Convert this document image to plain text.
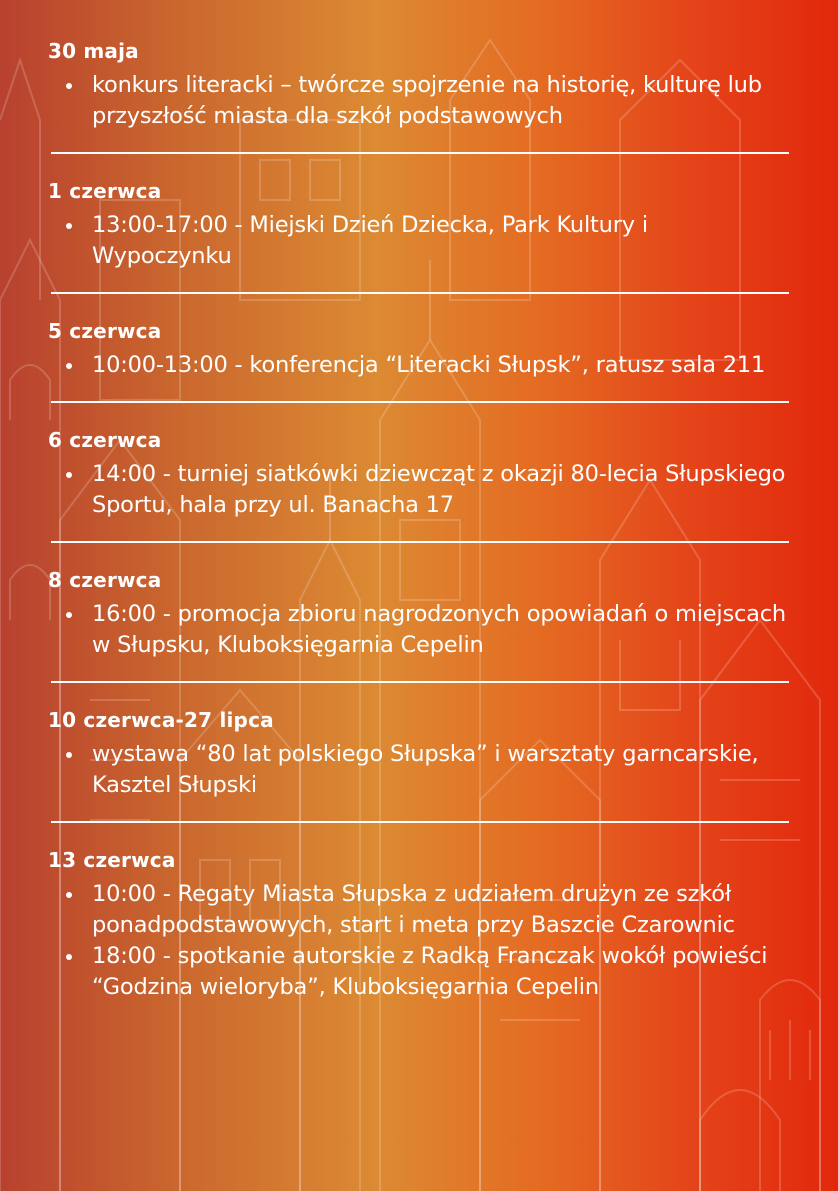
30 maja
konkurs literacki – twórcze spojrzenie na historię, kulturę lub przyszłość miasta dla szkół podstawowych
1 czerwca
13:00-17:00 - Miejski Dzień Dziecka, Park Kultury i Wypoczynku
5 czerwca
10:00-13:00 - konferencja “Literacki Słupsk”, ratusz sala 211
6 czerwca
14:00 - turniej siatkówki dziewcząt z okazji 80-lecia Słupskiego Sportu, hala przy ul. Banacha 17
8 czerwca
16:00 - promocja zbioru nagrodzonych opowiadań o miejscach w Słupsku, Kluboksięgarnia Cepelin
10 czerwca-27 lipca
wystawa “80 lat polskiego Słupska” i warsztaty garncarskie, Kasztel Słupski
13 czerwca
10:00 - Regaty Miasta Słupska z udziałem drużyn ze szkół ponadpodstawowych, start i meta przy Baszcie Czarownic
18:00 - spotkanie autorskie z Radką Franczak wokół powieści “Godzina wieloryba”, Kluboksięgarnia Cepelin
